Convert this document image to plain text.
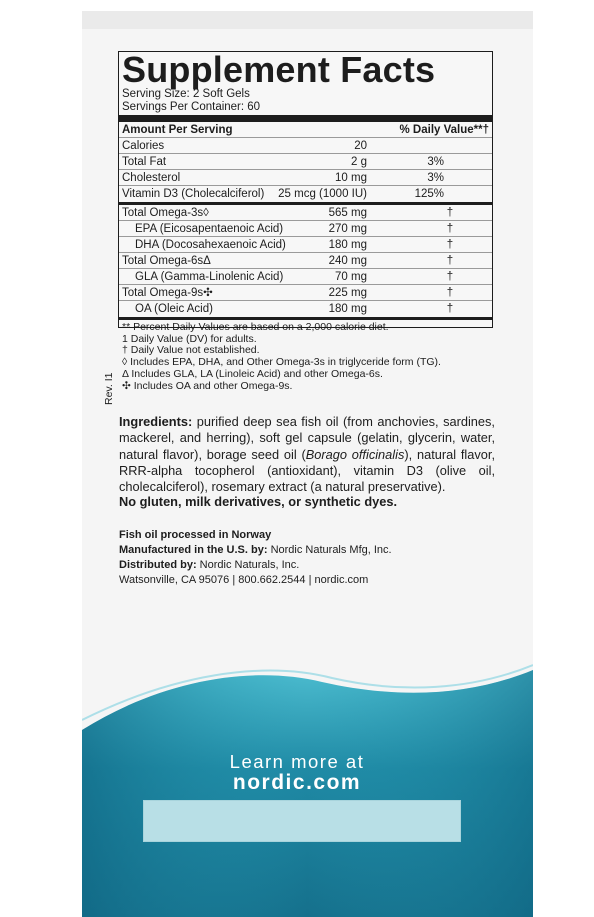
Supplement Facts
Serving Size: 2 Soft Gels
Servings Per Container: 60
Amount Per Serving	% Daily Value**†
Calories	20
Total Fat	2 g	3%
Cholesterol	10 mg	3%
Vitamin D3 (Cholecalciferol) 25 mcg (1000 IU)	125%
Total Omega-3s◊	565 mg	†
EPA (Eicosapentaenoic Acid)	270 mg	†
DHA (Docosahexaenoic Acid)	180 mg	†
Total Omega-6sΔ	240 mg	†
GLA (Gamma-Linolenic Acid)	70 mg	†
Total Omega-9s✣	225 mg	†
OA (Oleic Acid)	180 mg	†
** Percent Daily Values are based on a 2,000 calorie diet.
1 Daily Value (DV) for adults.
† Daily Value not established.
◊ Includes EPA, DHA, and Other Omega-3s in triglyceride form (TG).
Δ Includes GLA, LA (Linoleic Acid) and other Omega-6s.
✣ Includes OA and other Omega-9s.
Rev. I1
Ingredients: purified deep sea fish oil (from anchovies, sardines, mackerel, and herring), soft gel capsule (gelatin, glycerin, water, natural flavor), borage seed oil (Borago officinalis), natural flavor, RRR-alpha tocopherol (antioxidant), vitamin D3 (olive oil, cholecalciferol), rosemary extract (a natural preservative).
No gluten, milk derivatives, or synthetic dyes.
Fish oil processed in Norway
Manufactured in the U.S. by: Nordic Naturals Mfg, Inc.
Distributed by: Nordic Naturals, Inc.
Watsonville, CA 95076 | 800.662.2544 | nordic.com
Learn more at
nordic.com
